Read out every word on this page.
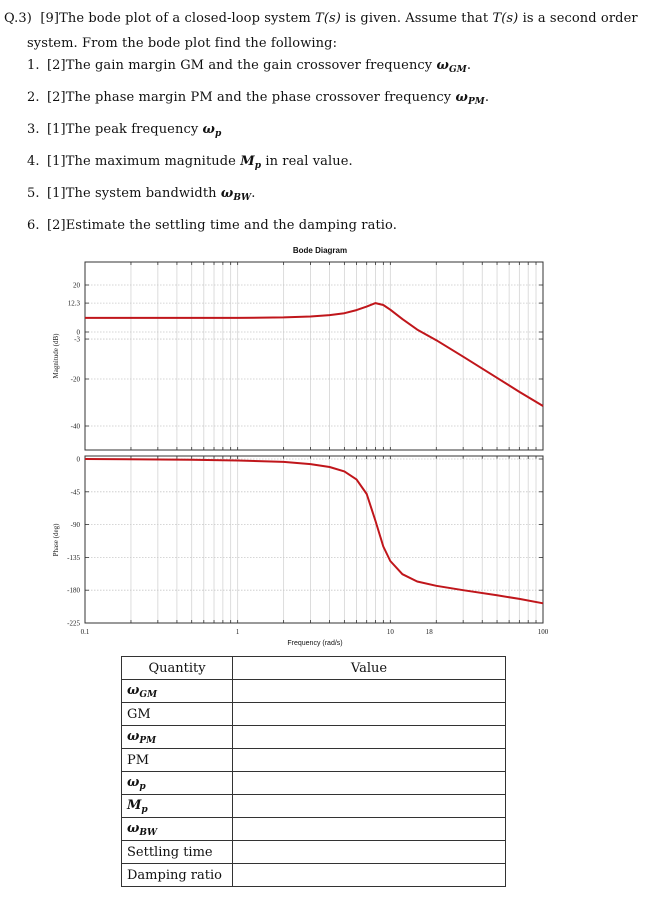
Q.3) [9]The bode plot of a closed-loop system T(s) is given. Assume that T(s) is a second order
system. From the bode plot find the following:
1. [2]The gain margin GM and the gain crossover frequency $\omega_{GM}$.
2. [2]The phase margin PM and the phase crossover frequency $\omega_{PM}$.
3. [1]The peak frequency $\omega_p$
4. [1]The maximum magnitude $M_p$ in real value.
5. [1]The system bandwidth $\omega_{BW}$.
6. [2]Estimate the settling time and the damping ratio.
Bode Diagram
20
12.3
0
-3
-20
-40
Magnitude (dB)
0
-45
-90
-135
-180
-225
Phase (deg)
0.1	1	10	18	100
Frequency (rad/s)
Quantity	Value
$\omega_{GM}$	
GM	
$\omega_{PM}$	
PM	
$\omega_p$	
$M_p$	
$\omega_{BW}$	
Settling time	
Damping ratio	
